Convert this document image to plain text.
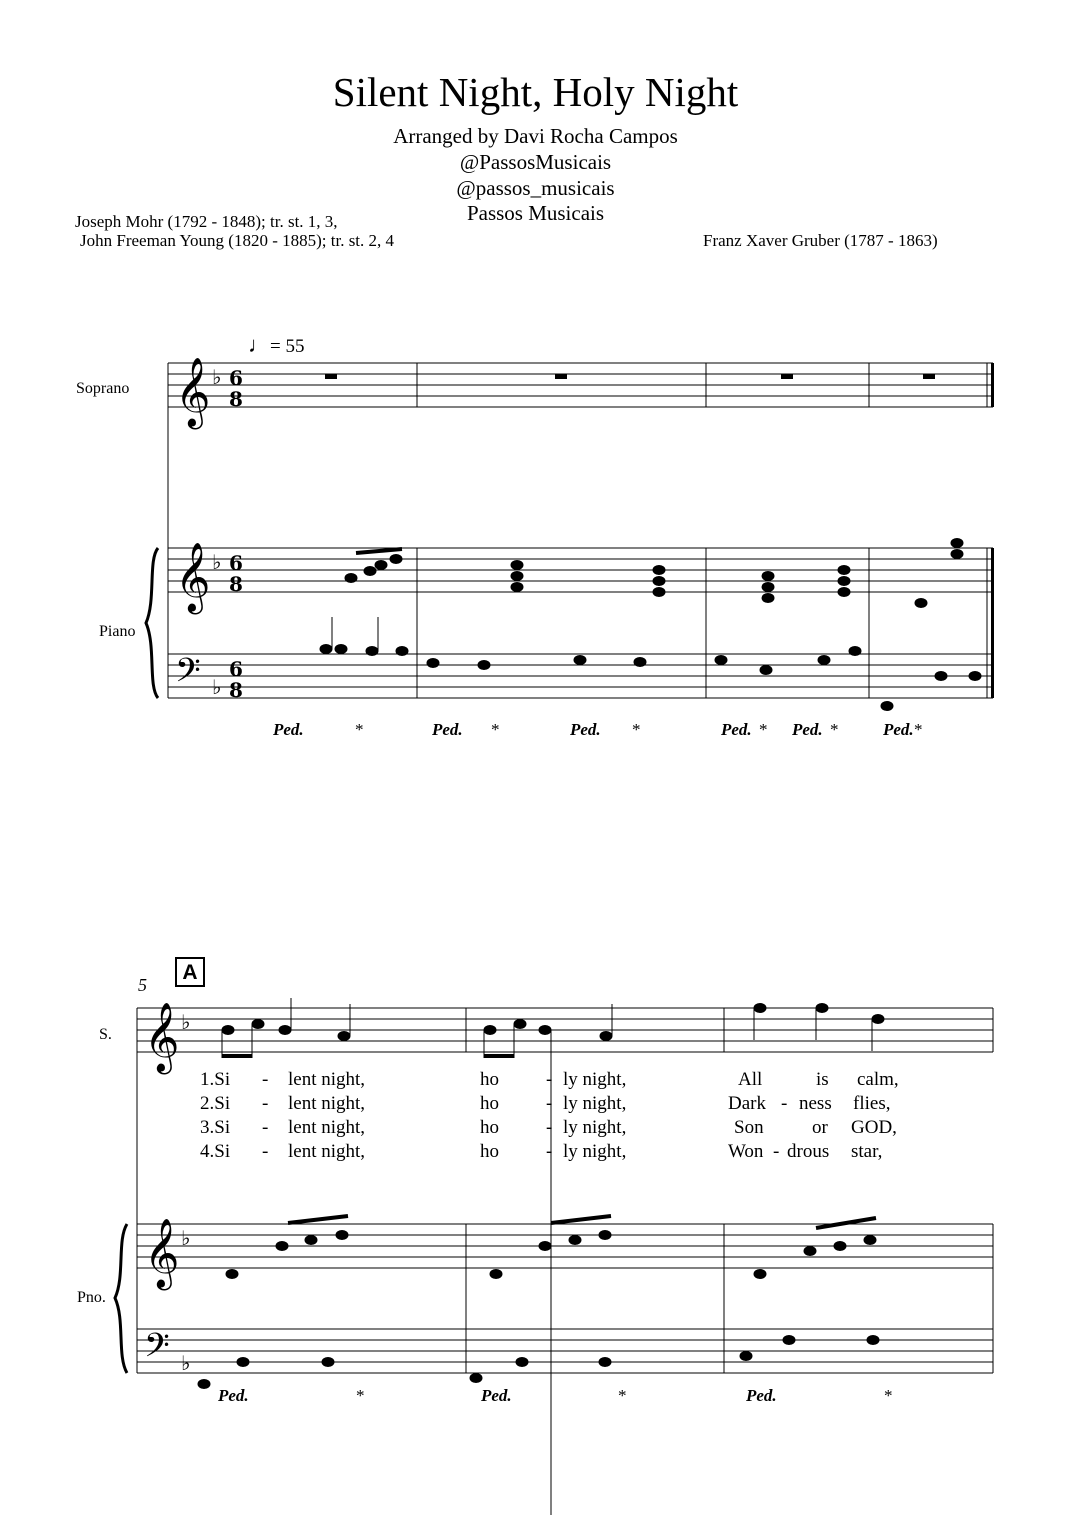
Silent Night, Holy Night
Arranged by Davi Rocha Campos
@PassosMusicais
@passos_musicais
Passos Musicais
Joseph Mohr (1792 - 1848); tr. st. 1, 3,
John Freeman Young (1820 - 1885); tr. st. 2, 4	Franz Xaver Gruber (1787 - 1863)
♩= 55
Soprano
Piano
5
A
S.
Pno.
1.Si - lent night,	ho - ly night,	All	is calm,
2.Si - lent night,	ho - ly night,	Dark - ness flies,
3.Si - lent night,	ho - ly night,	Son	or GOD,
4.Si - lent night,	ho - ly night,	Won - drous star,
Ped.	*	Ped. *	Ped. *	Ped. * Ped. *	Ped. *
Ped.	*	Ped.	*	Ped.	*
𝄞
𝄞
𝄢
𝄞
𝄞
𝄢
♭
♭
♭
♭
♭
♭
6
8
6
8
6
8
